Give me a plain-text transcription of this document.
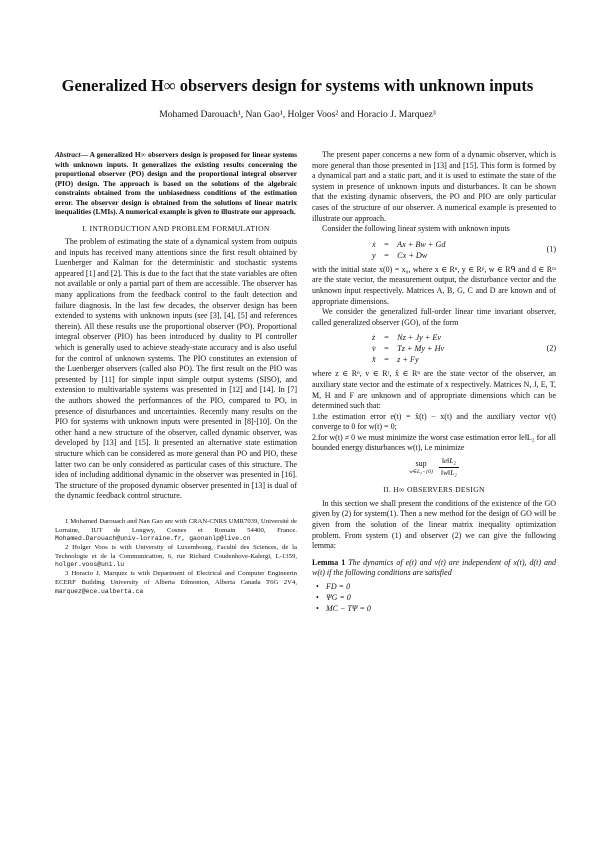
Generalized H∞ observers design for systems with unknown inputs
Mohamed Darouach¹, Nan Gao¹, Holger Voos² and Horacio J. Marquez³

Abstract— A generalized H∞ observers design is proposed for linear systems with unknown inputs. It generalizes the existing results concerning the proportional observer (PO) design and the proportional integral observer (PIO) design. The approach is based on the solutions of the algebraic constraints obtained from the unbiasedness conditions of the estimation error. The observer design is obtained from the solutions of linear matrix inequalities (LMIs). A numerical example is given to illustrate our approach.

I. INTRODUCTION AND PROBLEM FORMULATION

The problem of estimating the state of a dynamical system from outputs and inputs has received many attentions since the first result obtained by Luenberger and Kalman for the deterministic and stochastic systems appeared [1] and [2]. This is due to the fact that the state variables are often not available or only a partial part of them are accessible. The observer has many applications from the feedback control to the fault detection and failure diagnosis. In the last few decades, the observer design has been extended to systems with unknown inputs (see [3], [4], [5] and references therein). All these results use the proportional observer (PO). Proportional integral observer (PIO) has been introduced by duality to PI controller which is generally used to achieve steady-state accuracy and is also useful for the control of unknown systems. The PIO constitutes an extension of the Luenberger observers (called also PO). The first result on the PIO was presented by [11] for simple input simple output systems (SISO), and extension to multivariable systems was presented in [12] and [14]. In [7] the authors showed the performances of the PIO, compared to PO, in presence of disturbances and uncertainties. Recently many results on the PIO for systems with unknown inputs were presented in [8]-[10]. On the other hand a new structure of the observer, called dynamic observer, was developed by [13] and [15]. It presented an alternative state estimation structure which can be considered as more general than PO and PIO, these latter two can be only considered as particular cases of this structure. The idea of including additional dynamic in the observer was presented in [16]. The structure of the proposed dynamic observer presented in [13] is dual of the dynamic feedback control structure.

1 Mohamed Darouach and Nan Gao are with CRAN-CNRS UMR7039, Université de Lorraine, IUT de Longwy, Cosnes et Romain 54400, France. Mohamed.Darouach@univ-lorraine.fr, gaonanlp@live.cn

2 Holger Voos is with University of Luxembourg, Faculté des Sciences, de la Technologie et de la Communication, 6, rue Richard Coudenhove-Kalergi, L-1359, holger.voos@uni.lu

3 Horacio J. Marquez is with Department of Electrical and Computer Engineerin ECERF Building University of Alberta Edmonton, Alberta Canada T6G 2V4, marquez@ece.ualberta.ca

The present paper concerns a new form of a dynamic observer, which is more general than those presented in [13] and [15]. This form is formed by a dynamical part and a static part, and it is used to estimate the state of the system in presence of unknown inputs and disturbances. It can be shown that the existing dynamic observers, the PO and PIO are only particular cases of the structure of our observer. A numerical example is presented to illustrate our approach.

Consider the following linear system with unknown inputs

ẋ	=	Ax + Bw + Gd
y	=	Cx + Dw
(1)

with the initial state x(0) = x₀, where x ∈ Rⁿ, y ∈ Rᵖ, w ∈ Rᑫ and d ∈ Rᵐ are the state vector, the measurement output, the disturbance vector and the unknown input respectively. Matrices A, B, G, C and D are known and of appropriate dimensions.

We consider the generalized full-order linear time invariant observer, called generalized observer (GO), of the form

ż	=	Nz + Jy + Ev
v̇	=	Tz + My + Hv
x̂	=	z + Fy
(2)

where z ∈ Rⁿ, v ∈ Rʳ, x̂ ∈ Rⁿ are the state vector of the observer, an auxiliary state vector and the estimate of x respectively. Matrices N, J, E, T, M, H and F are unknown and of appropriate dimensions which can be determined such that:

1.the estimation error e(t) = x̂(t) − x(t) and the auxiliary vector v(t) converge to 0 for w(t) = 0;

2.for w(t) ≠ 0 we must minimize the worst case estimation error ‖e‖L₂ for all bounded energy disturbances w(t), i.e minimize

sup
w∈L₂−{0}
$\frac{\text{‖e‖L₂}}{\text{‖w‖L₂}}$
II. H∞ OBSERVERS DESIGN

In this section we shall present the conditions of the existence of the GO given by (2) for system(1). Then a new method for the design of GO will be given from the solution of the linear matrix inequality optimization problem. From system (1) and observer (2) we can give the following lemma:

Lemma 1 The dynamics of e(t) and v(t) are independent of x(t), d(t) and w(t) if the following conditions are satisfied

• FD = 0
• ΨG = 0
• MC − TΨ = 0
